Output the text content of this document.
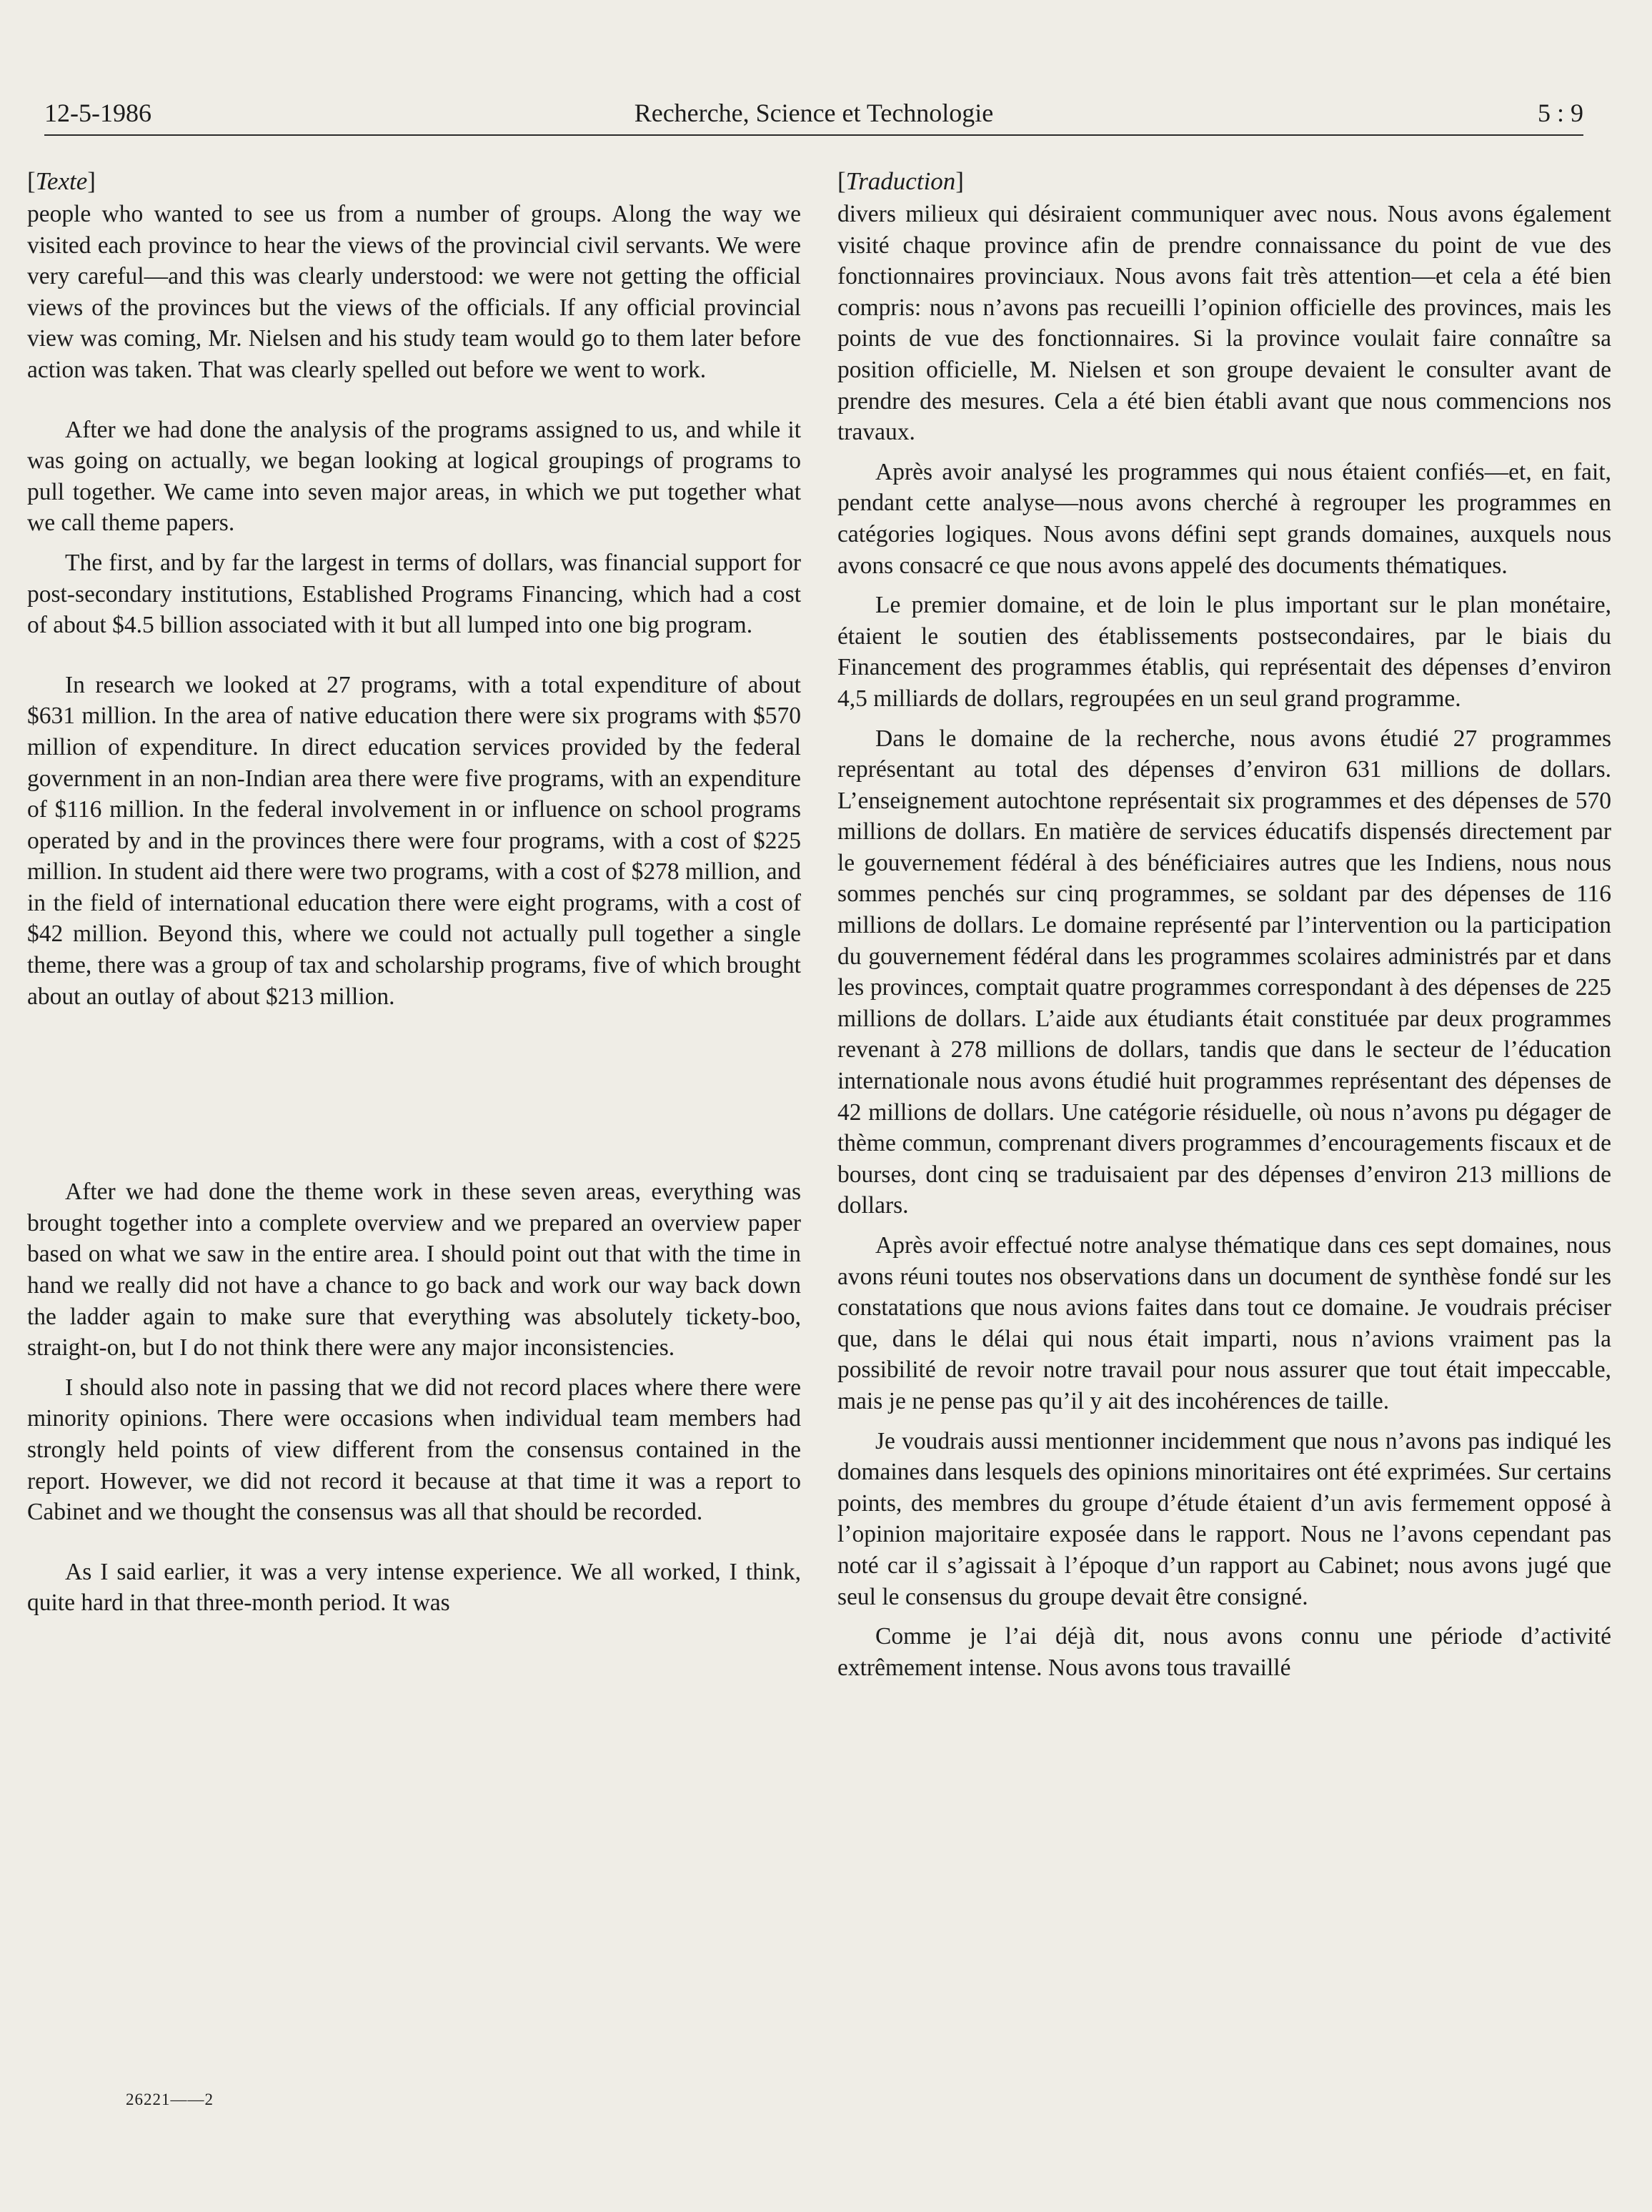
12-5-1986	Recherche, Science et Technologie	5 : 9
[Texte]

people who wanted to see us from a number of groups. Along the way we visited each province to hear the views of the provincial civil servants. We were very careful—and this was clearly understood: we were not getting the official views of the provinces but the views of the officials. If any official provincial view was coming, Mr. Nielsen and his study team would go to them later before action was taken. That was clearly spelled out before we went to work.

After we had done the analysis of the programs assigned to us, and while it was going on actually, we began looking at logical groupings of programs to pull together. We came into seven major areas, in which we put together what we call theme papers.

The first, and by far the largest in terms of dollars, was financial support for post-secondary institutions, Established Programs Financing, which had a cost of about $4.5 billion associated with it but all lumped into one big program.

In research we looked at 27 programs, with a total expenditure of about $631 million. In the area of native education there were six programs with $570 million of expenditure. In direct education services provided by the federal government in an non-Indian area there were five programs, with an expenditure of $116 million. In the federal involvement in or influence on school programs operated by and in the provinces there were four programs, with a cost of $225 million. In student aid there were two programs, with a cost of $278 million, and in the field of international education there were eight programs, with a cost of $42 million. Beyond this, where we could not actually pull together a single theme, there was a group of tax and scholarship programs, five of which brought about an outlay of about $213 million.

After we had done the theme work in these seven areas, everything was brought together into a complete overview and we prepared an overview paper based on what we saw in the entire area. I should point out that with the time in hand we really did not have a chance to go back and work our way back down the ladder again to make sure that everything was absolutely tickety-boo, straight-on, but I do not think there were any major inconsistencies.

I should also note in passing that we did not record places where there were minority opinions. There were occasions when individual team members had strongly held points of view different from the consensus contained in the report. However, we did not record it because at that time it was a report to Cabinet and we thought the consensus was all that should be recorded.

As I said earlier, it was a very intense experience. We all worked, I think, quite hard in that three-month period. It was

[Traduction]

divers milieux qui désiraient communiquer avec nous. Nous avons également visité chaque province afin de prendre connaissance du point de vue des fonctionnaires provinciaux. Nous avons fait très attention—et cela a été bien compris: nous n’avons pas recueilli l’opinion officielle des provinces, mais les points de vue des fonctionnaires. Si la province voulait faire connaître sa position officielle, M. Nielsen et son groupe devaient le consulter avant de prendre des mesures. Cela a été bien établi avant que nous commencions nos travaux.

Après avoir analysé les programmes qui nous étaient confiés—et, en fait, pendant cette analyse—nous avons cherché à regrouper les programmes en catégories logiques. Nous avons défini sept grands domaines, auxquels nous avons consacré ce que nous avons appelé des documents thématiques.

Le premier domaine, et de loin le plus important sur le plan monétaire, étaient le soutien des établissements postsecondaires, par le biais du Financement des programmes établis, qui représentait des dépenses d’environ 4,5 milliards de dollars, regroupées en un seul grand programme.

Dans le domaine de la recherche, nous avons étudié 27 programmes représentant au total des dépenses d’environ 631 millions de dollars. L’enseignement autochtone représentait six programmes et des dépenses de 570 millions de dollars. En matière de services éducatifs dispensés directement par le gouvernement fédéral à des bénéficiaires autres que les Indiens, nous nous sommes penchés sur cinq programmes, se soldant par des dépenses de 116 millions de dollars. Le domaine représenté par l’intervention ou la participation du gouvernement fédéral dans les programmes scolaires administrés par et dans les provinces, comptait quatre programmes correspondant à des dépenses de 225 millions de dollars. L’aide aux étudiants était constituée par deux programmes revenant à 278 millions de dollars, tandis que dans le secteur de l’éducation internationale nous avons étudié huit programmes représentant des dépenses de 42 millions de dollars. Une catégorie résiduelle, où nous n’avons pu dégager de thème commun, comprenant divers programmes d’encouragements fiscaux et de bourses, dont cinq se traduisaient par des dépenses d’environ 213 millions de dollars.

Après avoir effectué notre analyse thématique dans ces sept domaines, nous avons réuni toutes nos observations dans un document de synthèse fondé sur les constatations que nous avions faites dans tout ce domaine. Je voudrais préciser que, dans le délai qui nous était imparti, nous n’avions vraiment pas la possibilité de revoir notre travail pour nous assurer que tout était impeccable, mais je ne pense pas qu’il y ait des incohérences de taille.

Je voudrais aussi mentionner incidemment que nous n’avons pas indiqué les domaines dans lesquels des opinions minoritaires ont été exprimées. Sur certains points, des membres du groupe d’étude étaient d’un avis fermement opposé à l’opinion majoritaire exposée dans le rapport. Nous ne l’avons cependant pas noté car il s’agissait à l’époque d’un rapport au Cabinet; nous avons jugé que seul le consensus du groupe devait être consigné.

Comme je l’ai déjà dit, nous avons connu une période d’activité extrêmement intense. Nous avons tous travaillé

26221——2
